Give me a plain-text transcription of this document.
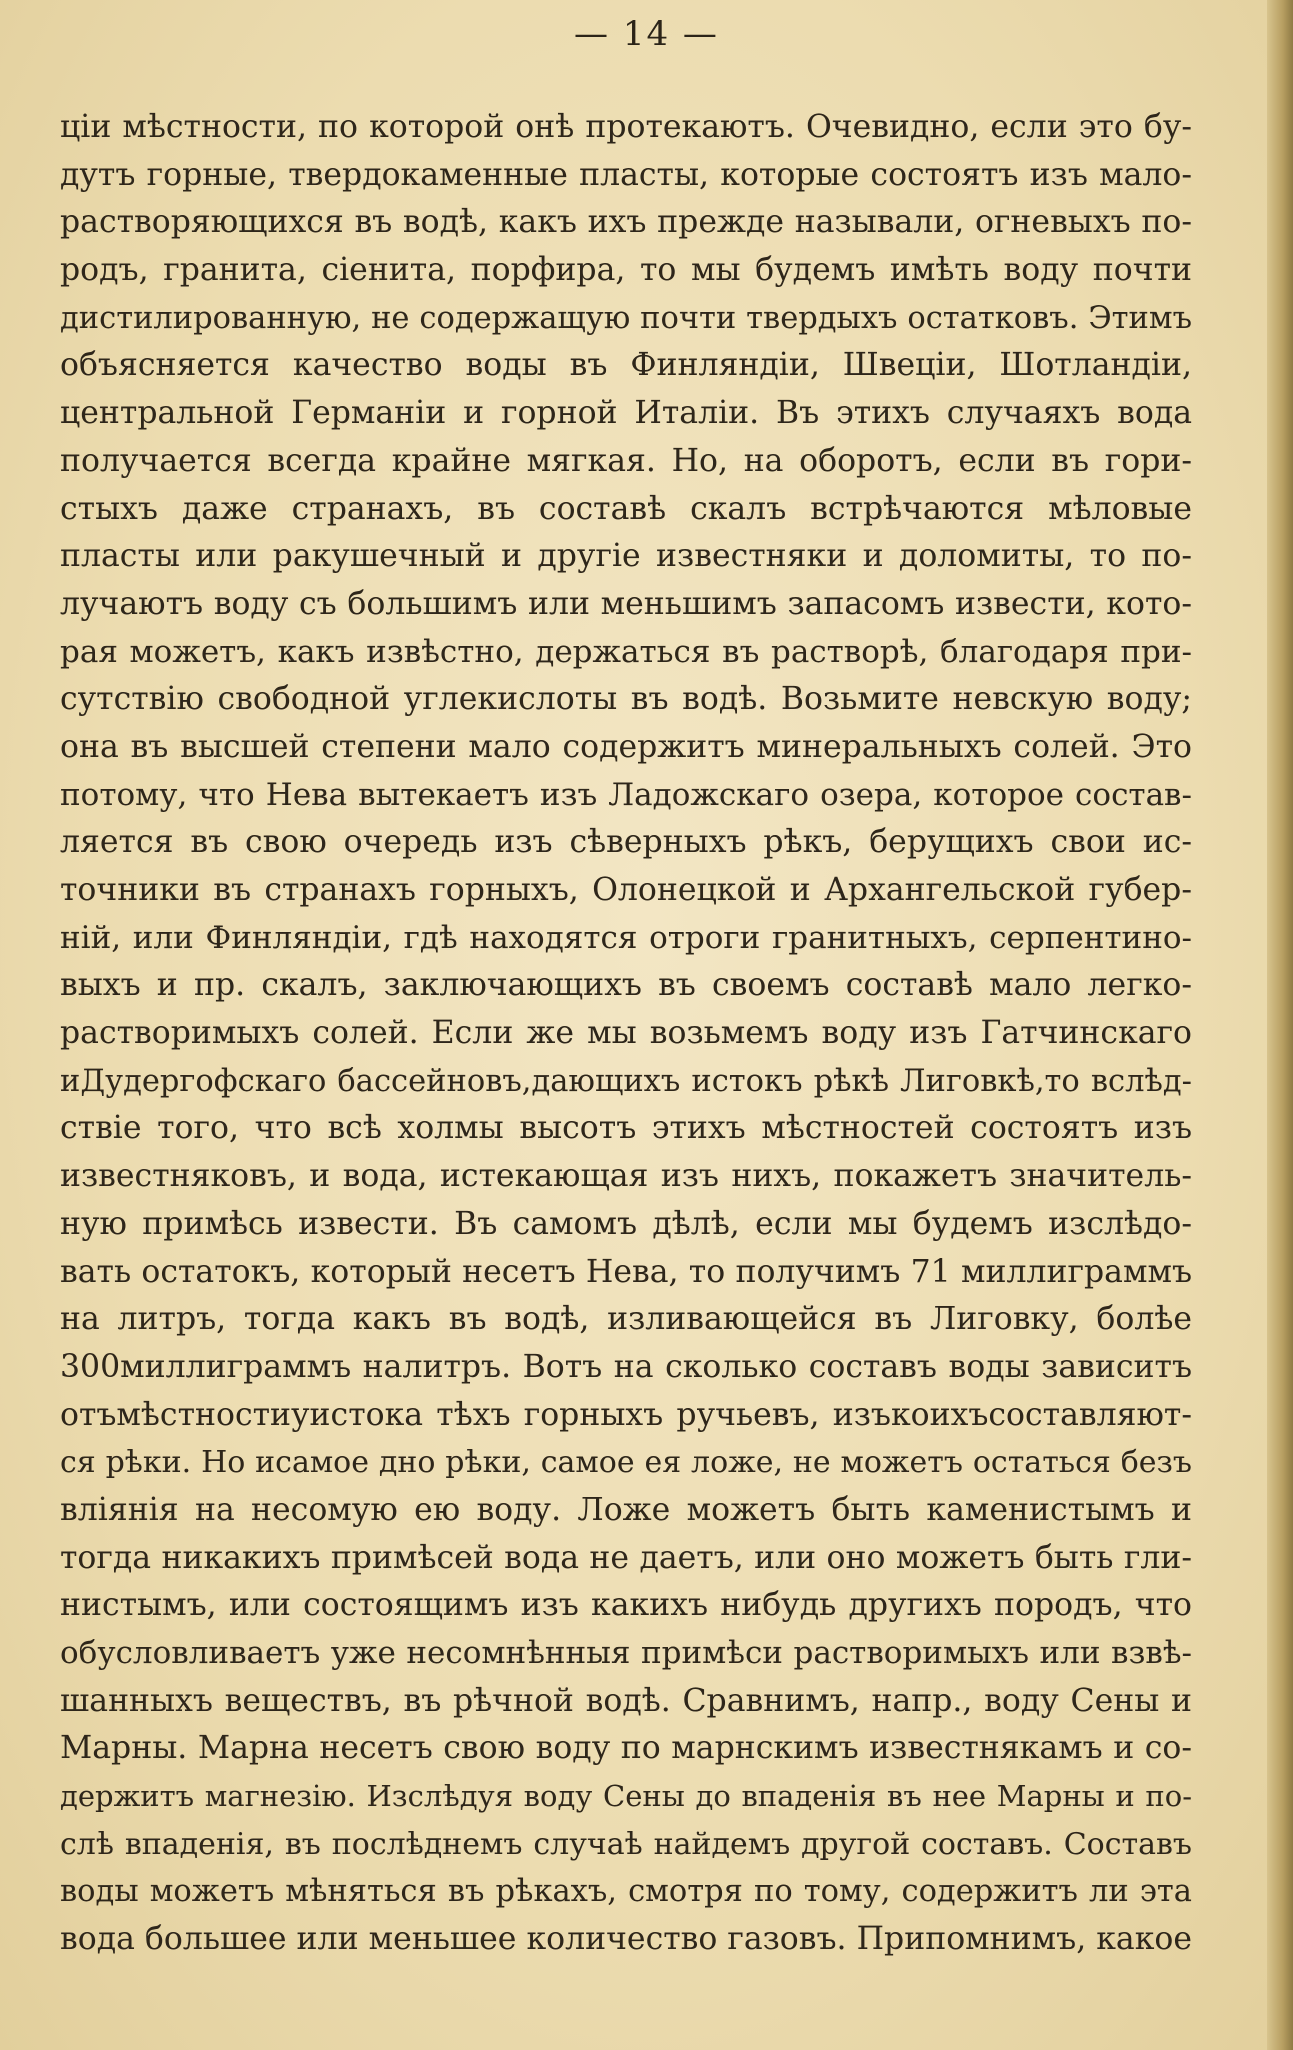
— 14 —
ціи мѣстности, по которой онѣ протекаютъ. Очевидно, если это бу-
дутъ горные, твердокаменные пласты, которые состоятъ изъ мало-
растворяющихся въ водѣ, какъ ихъ прежде называли, огневыхъ по-
родъ, гранита, сіенита, порфира, то мы будемъ имѣть воду почти
дистилированную, не содержащую почти твердыхъ остатковъ. Этимъ
объясняется качество воды въ Финляндіи, Швеціи, Шотландіи,
центральной Германіи и горной Италіи. Въ этихъ случаяхъ вода
получается всегда крайне мягкая. Но, на оборотъ, если въ гори-
стыхъ даже странахъ, въ составѣ скалъ встрѣчаются мѣловые
пласты или ракушечный и другіе известняки и доломиты, то по-
лучаютъ воду съ большимъ или меньшимъ запасомъ извести, кото-
рая можетъ, какъ извѣстно, держаться въ растворѣ, благодаря при-
сутствію свободной углекислоты въ водѣ. Возьмите невскую воду;
она въ высшей степени мало содержитъ минеральныхъ солей. Это
потому, что Нева вытекаетъ изъ Ладожскаго озера, которое состав-
ляется въ свою очередь изъ сѣверныхъ рѣкъ, берущихъ свои ис-
точники въ странахъ горныхъ, Олонецкой и Архангельской губер-
ній, или Финляндіи, гдѣ находятся отроги гранитныхъ, серпентино-
выхъ и пр. скалъ, заключающихъ въ своемъ составѣ мало легко-
растворимыхъ солей. Если же мы возьмемъ воду изъ Гатчинскаго
иДудергофскаго бассейновъ,дающихъ истокъ рѣкѣ Лиговкѣ,то вслѣд-
ствіе того, что всѣ холмы высотъ этихъ мѣстностей состоятъ изъ
известняковъ, и вода, истекающая изъ нихъ, покажетъ значитель-
ную примѣсь извести. Въ самомъ дѣлѣ, если мы будемъ изслѣдо-
вать остатокъ, который несетъ Нева, то получимъ 71 миллиграммъ
на литръ, тогда какъ въ водѣ, изливающейся въ Лиговку, болѣе
300миллиграммъ налитръ. Вотъ на сколько составъ воды зависитъ
отъмѣстностиуистока тѣхъ горныхъ ручьевъ, изъкоихъсоставляют-
ся рѣки. Но исамое дно рѣки, самое ея ложе, не можетъ остаться безъ
вліянія на несомую ею воду. Ложе можетъ быть каменистымъ и
тогда никакихъ примѣсей вода не даетъ, или оно можетъ быть гли-
нистымъ, или состоящимъ изъ какихъ нибудь другихъ породъ, что
обусловливаетъ уже несомнѣнныя примѣси растворимыхъ или взвѣ-
шанныхъ веществъ, въ рѣчной водѣ. Сравнимъ, напр., воду Сены и
Марны. Марна несетъ свою воду по марнскимъ известнякамъ и со-
держитъ магнезію. Изслѣдуя воду Сены до впаденія въ нее Марны и по-
слѣ впаденія, въ послѣднемъ случаѣ найдемъ другой составъ. Составъ
воды можетъ мѣняться въ рѣкахъ, смотря по тому, содержитъ ли эта
вода большее или меньшее количество газовъ. Припомнимъ, какое
